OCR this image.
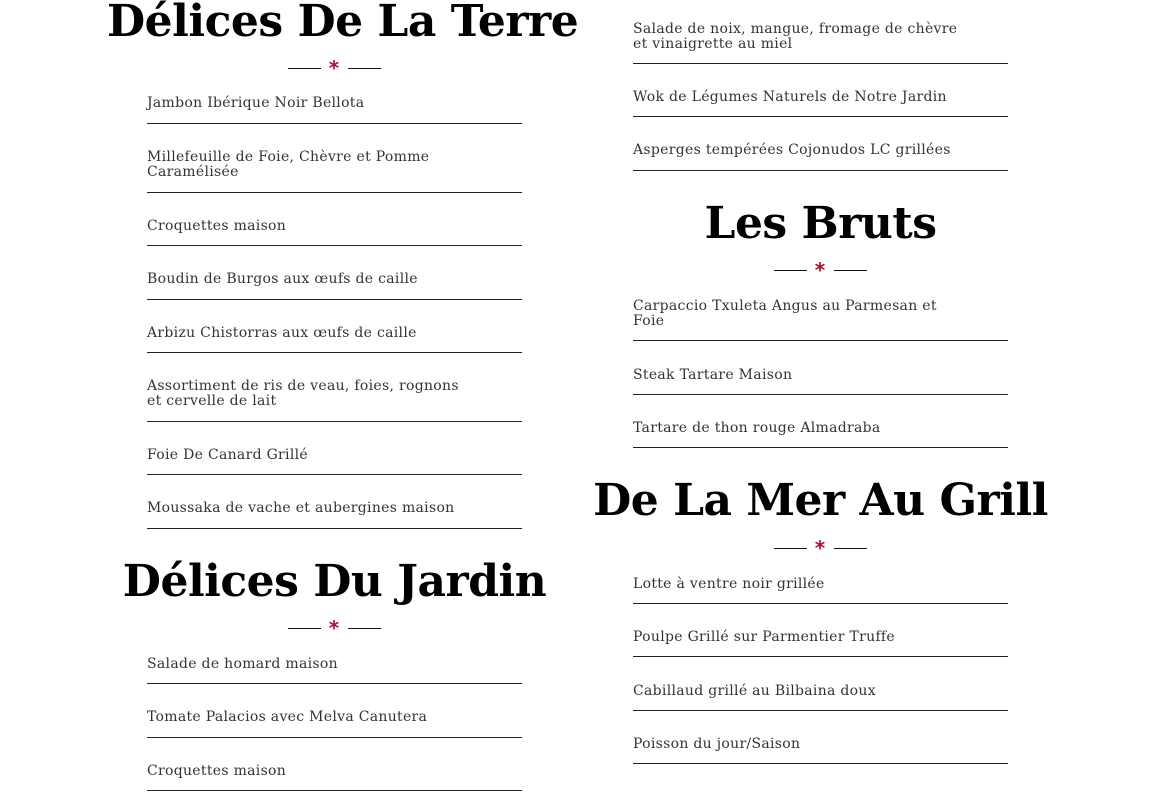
Délices De La Terre
*
Jambon Ibérique Noir Bellota
Millefeuille de Foie, Chèvre et Pomme Caramélisée
Croquettes maison
Boudin de Burgos aux œufs de caille
Arbizu Chistorras aux œufs de caille
Assortiment de ris de veau, foies, rognons et cervelle de lait
Foie De Canard Grillé
Moussaka de vache et aubergines maison
Délices Du Jardin
*
Salade de homard maison
Tomate Palacios avec Melva Canutera
Croquettes maison
Salade de noix, mangue, fromage de chèvre et vinaigrette au miel
Wok de Légumes Naturels de Notre Jardin
Asperges tempérées Cojonudos LC grillées
Les Bruts
*
Carpaccio Txuleta Angus au Parmesan et Foie
Steak Tartare Maison
Tartare de thon rouge Almadraba
De La Mer Au Grill
*
Lotte à ventre noir grillée
Poulpe Grillé sur Parmentier Truffe
Cabillaud grillé au Bilbaina doux
Poisson du jour/Saison
